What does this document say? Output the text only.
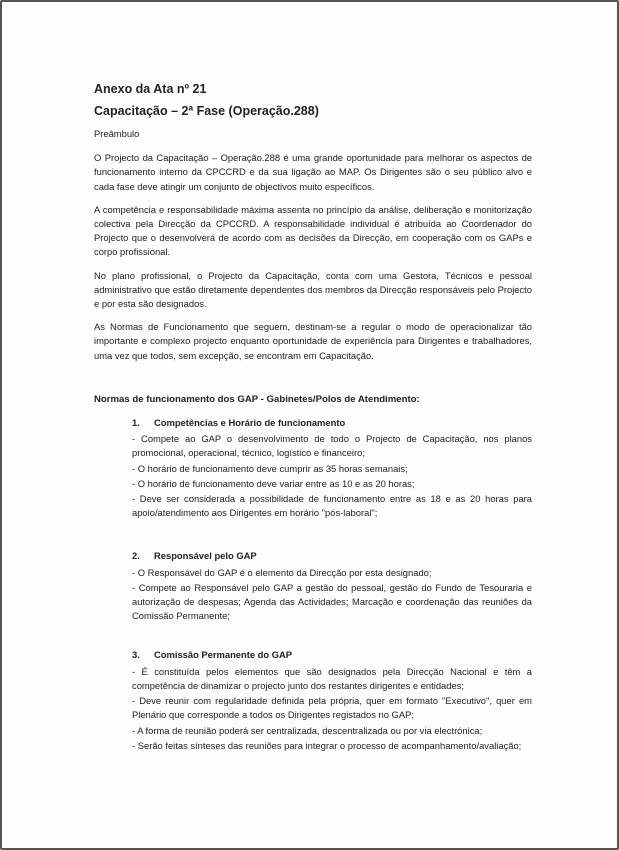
Anexo da Ata nº 21
Capacitação – 2ª Fase (Operação.288)
Preâmbulo

O Projecto da Capacitação – Operação.288 é uma grande oportunidade para melhorar os aspectos de funcionamento interno da CPCCRD e da sua ligação ao MAP. Os Dirigentes são o seu público alvo e cada fase deve atingir um conjunto de objectivos muito específicos.

A competência e responsabilidade máxima assenta no princípio da análise, deliberação e monitorização colectiva pela Direcção da CPCCRD. A responsabilidade individual é atribuída ao Coordenador do Projecto que o desenvolverá de acordo com as decisões da Direcção, em cooperação com os GAPs e corpo profissional.

No plano profissional, o Projecto da Capacitação, conta com uma Gestora, Técnicos e pessoal administrativo que estão diretamente dependentes dos membros da Direcção responsáveis pelo Projecto e por esta são designados.

As Normas de Funcionamento que seguem, destinam-se a regular o modo de operacionalizar tão importante e complexo projecto enquanto oportunidade de experiência para Dirigentes e trabalhadores, uma vez que todos, sem excepção, se encontram em Capacitação.

Normas de funcionamento dos GAP - Gabinetes/Polos de Atendimento:
1. Competências e Horário de funcionamento
- Compete ao GAP o desenvolvimento de todo o Projecto de Capacitação, nos planos promocional, operacional, técnico, logístico e financeiro;
- O horário de funcionamento deve cumprir as 35 horas semanais;
- O horário de funcionamento deve variar entre as 10 e as 20 horas;
- Deve ser considerada a possibilidade de funcionamento entre as 18 e as 20 horas para apoio/atendimento aos Dirigentes em horário "pós-laboral";
2. Responsável pelo GAP
- O Responsável do GAP é o elemento da Direcção por esta designado;
- Compete ao Responsável pelo GAP a gestão do pessoal, gestão do Fundo de Tesouraria e autorização de despesas; Agenda das Actividades; Marcação e coordenação das reuniões da Comissão Permanente;
3. Comissão Permanente do GAP
- É constituída pelos elementos que são designados pela Direcção Nacional e têm a competência de dinamizar o projecto junto dos restantes dirigentes e entidades;
- Deve reunir com regularidade definida pela própria, quer em formato "Executivo", quer em Plenário que corresponde a todos os Dirigentes registados no GAP;
- A forma de reunião poderá ser centralizada, descentralizada ou por via electrónica;
- Serão feitas sínteses das reuniões para integrar o processo de acompanhamento/avaliação;
